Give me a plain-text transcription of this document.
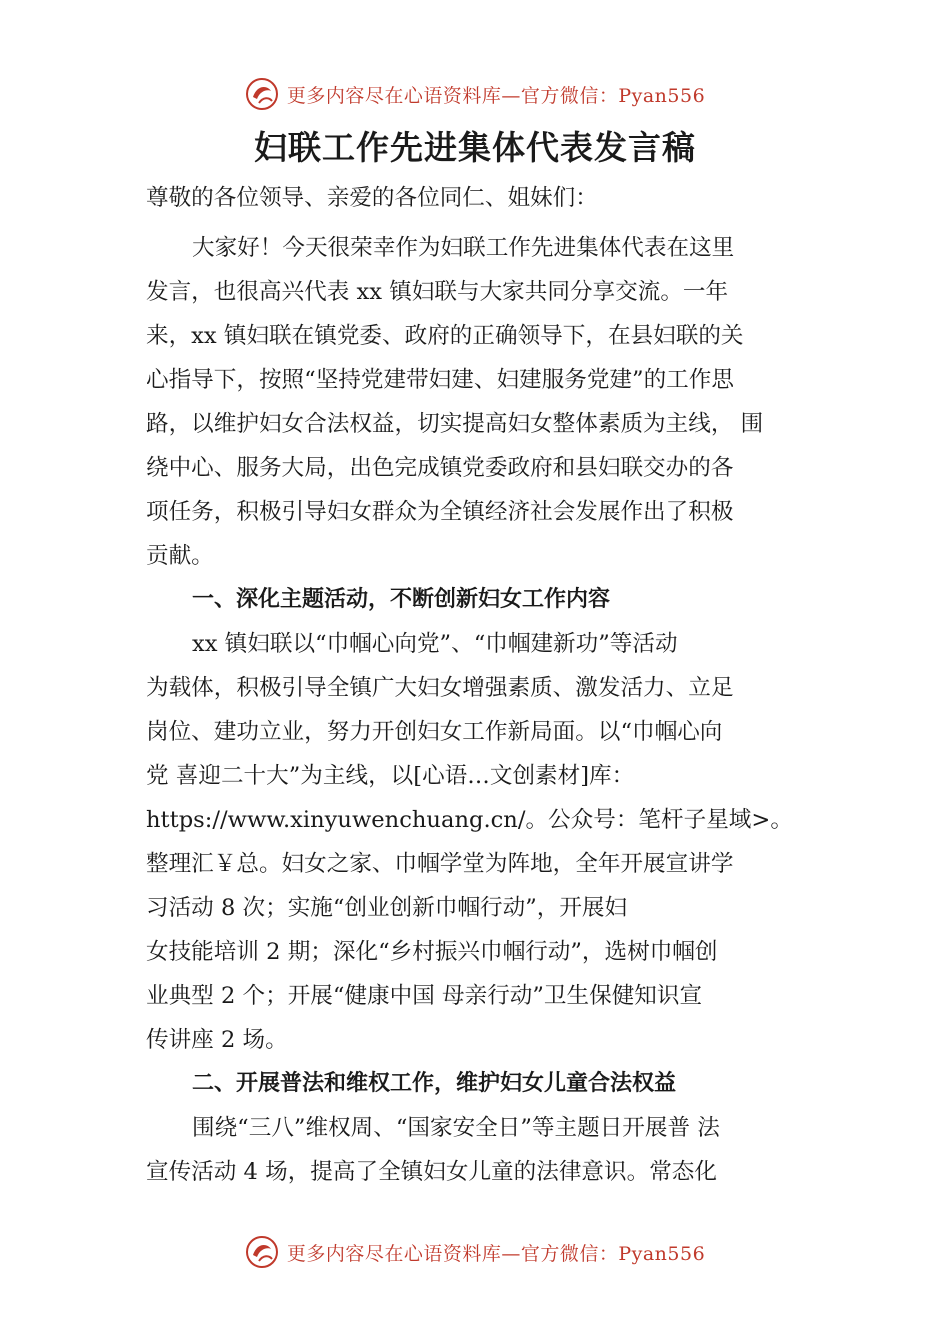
更多内容尽在心语资料库—官方微信：Pyan556
妇联工作先进集体代表发言稿

尊敬的各位领导、亲爱的各位同仁、姐妹们：

大家好！今天很荣幸作为妇联工作先进集体代表在这里

发言，也很高兴代表 xx 镇妇联与大家共同分享交流。一年

来，xx 镇妇联在镇党委、政府的正确领导下，在县妇联的关

心指导下，按照“坚持党建带妇建、妇建服务党建”的工作思

路，以维护妇女合法权益，切实提高妇女整体素质为主线， 围

绕中心、服务大局，出色完成镇党委政府和县妇联交办的各

项任务，积极引导妇女群众为全镇经济社会发展作出了积极

贡献。

一、深化主题活动，不断创新妇女工作内容

xx 镇妇联以“巾帼心向党”、“巾帼建新功”等活动

为载体，积极引导全镇广大妇女增强素质、激发活力、立足

岗位、建功立业，努力开创妇女工作新局面。以“巾帼心向

党 喜迎二十大”为主线，以[心语…文创素材]库：

https://www.xinyuwenchuang.cn/。公众号：笔杆子星域>。

整理汇￥总。妇女之家、巾帼学堂为阵地，全年开展宣讲学

习活动 8 次；实施“创业创新巾帼行动”，开展妇

女技能培训 2 期；深化“乡村振兴巾帼行动”，选树巾帼创

业典型 2 个；开展“健康中国 母亲行动”卫生保健知识宣

传讲座 2 场。

二、开展普法和维权工作，维护妇女儿童合法权益

围绕“三八”维权周、“国家安全日”等主题日开展普 法

宣传活动 4 场，提高了全镇妇女儿童的法律意识。常态化

更多内容尽在心语资料库—官方微信：Pyan556
